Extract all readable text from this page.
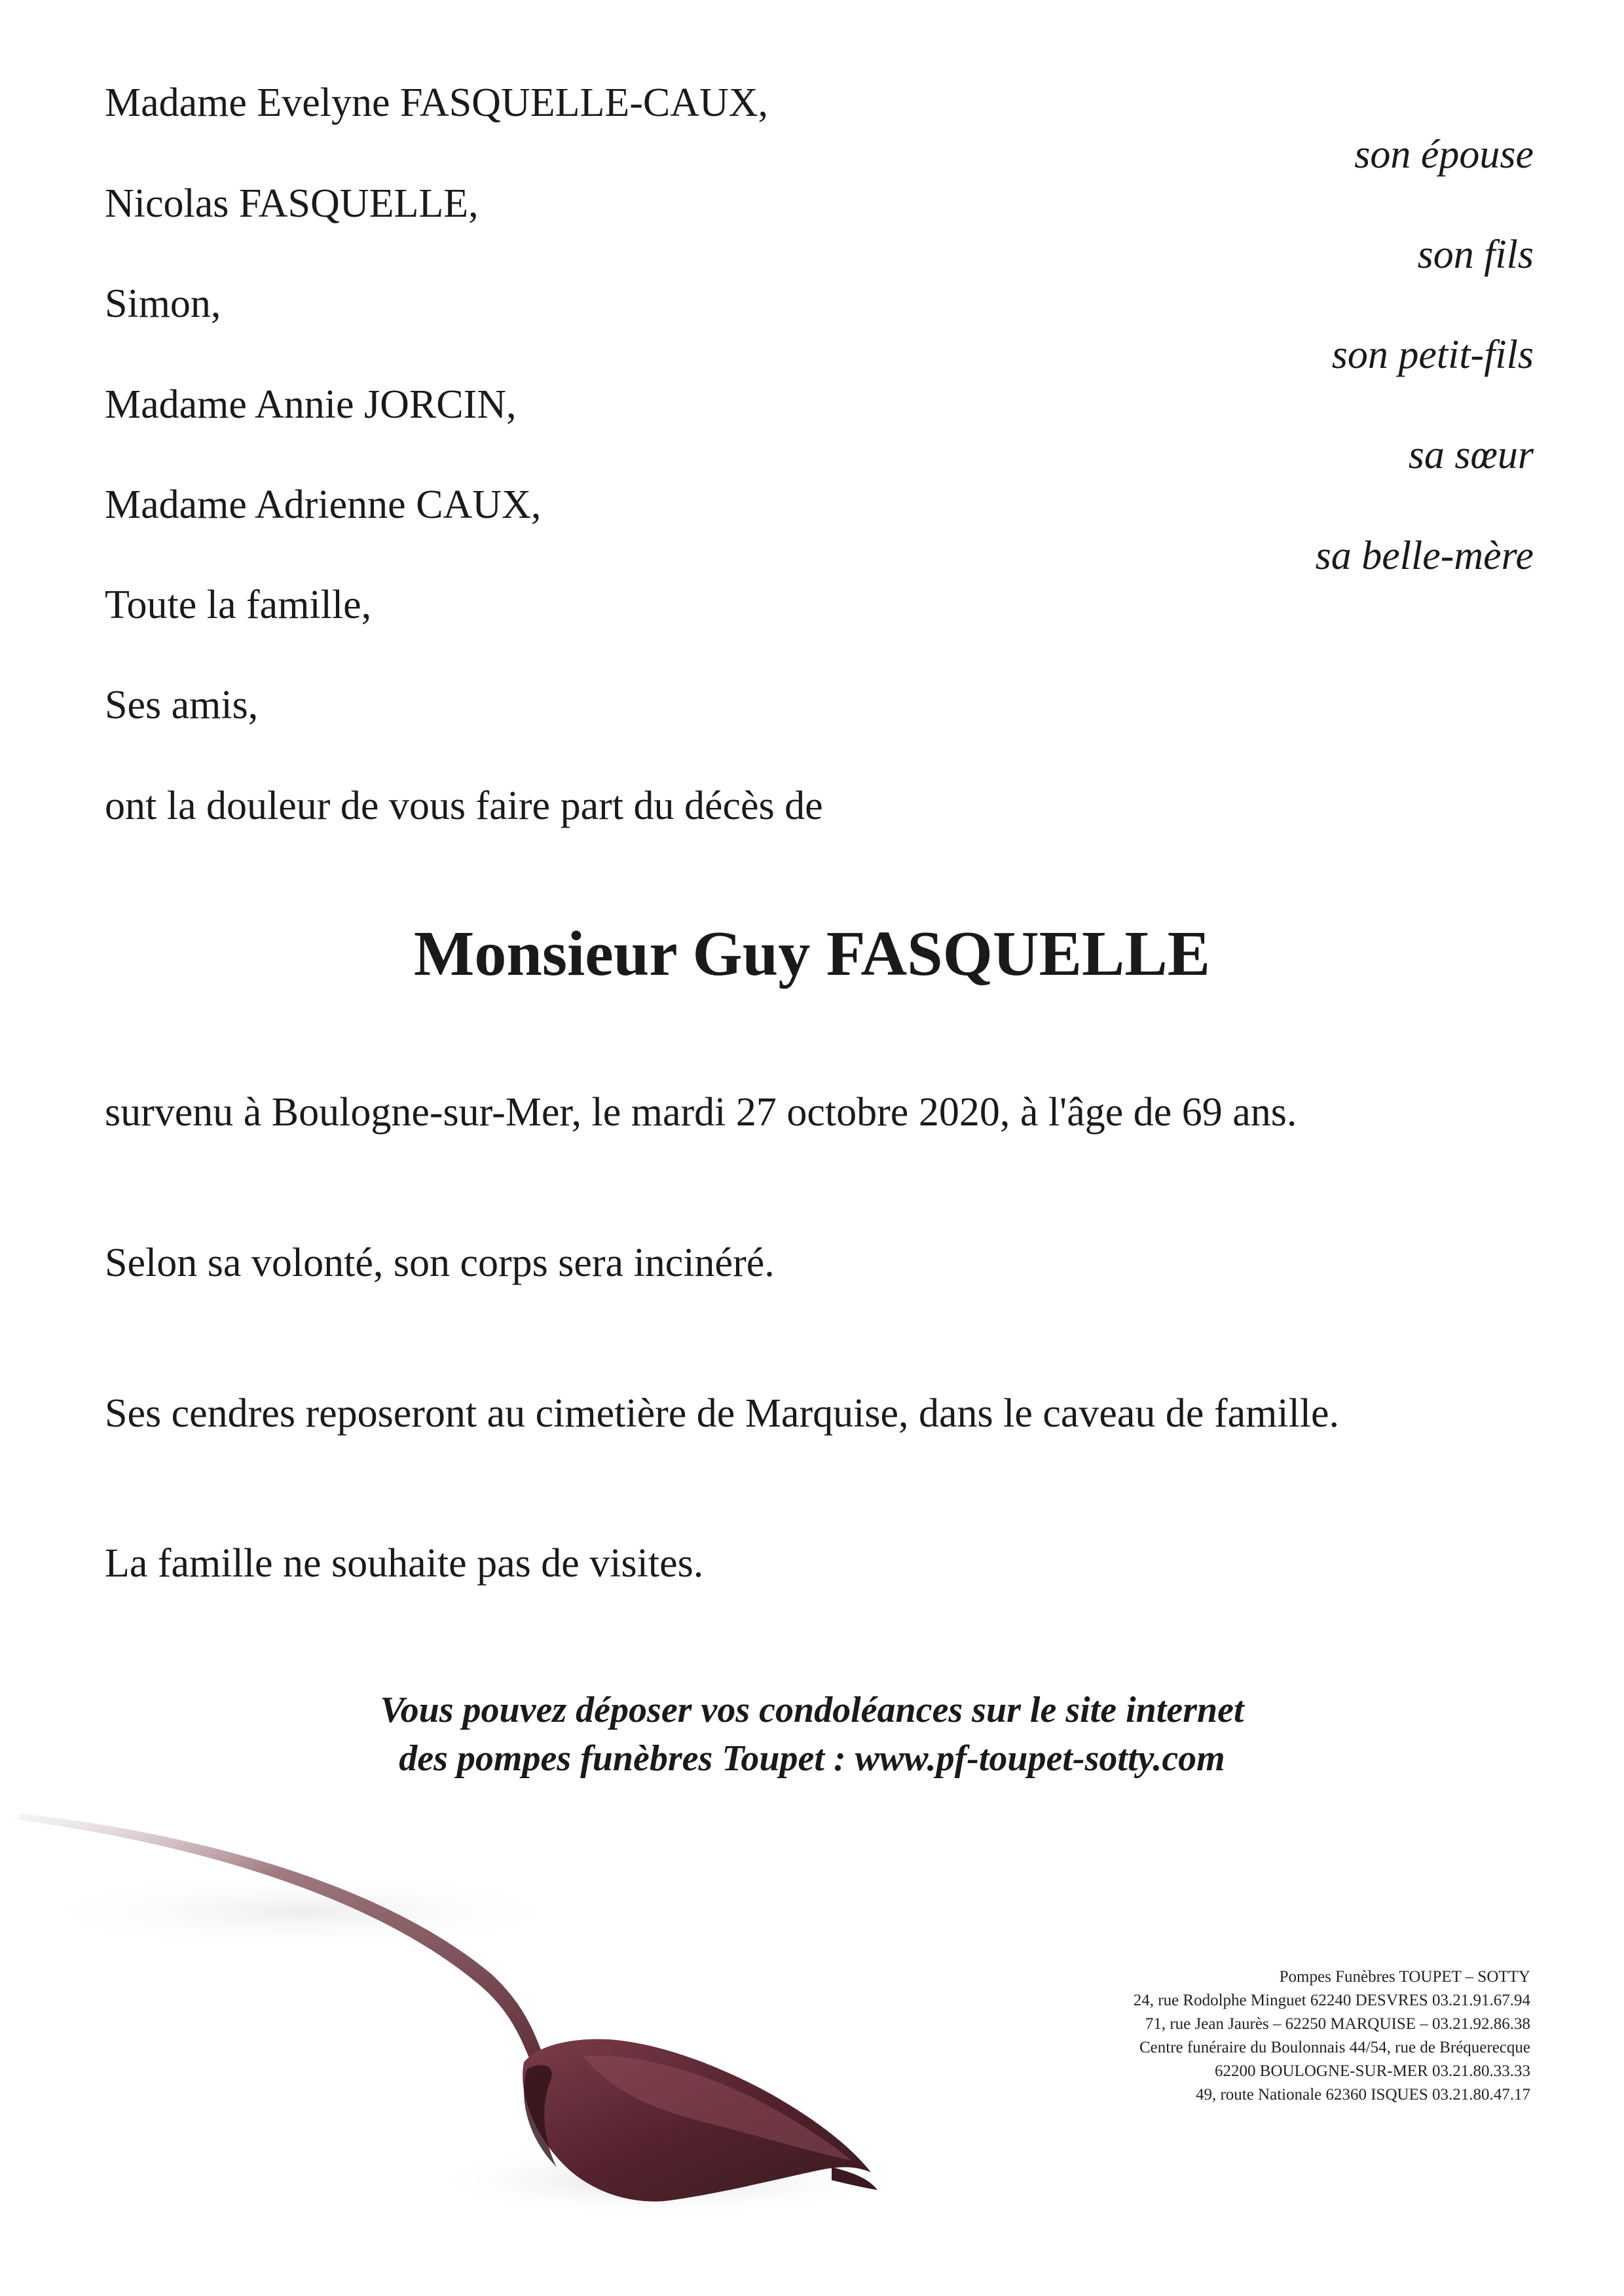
Madame Evelyne FASQUELLE-CAUX,
son épouse
Nicolas FASQUELLE,
son fils
Simon,
son petit-fils
Madame Annie JORCIN,
sa sœur
Madame Adrienne CAUX,
sa belle-mère
Toute la famille,
Ses amis,
ont la douleur de vous faire part du décès de
Monsieur Guy FASQUELLE
survenu à Boulogne-sur-Mer, le mardi 27 octobre 2020, à l'âge de 69 ans.
Selon sa volonté, son corps sera incinéré.
Ses cendres reposeront au cimetière de Marquise, dans le caveau de famille.
La famille ne souhaite pas de visites.
Vous pouvez déposer vos condoléances sur le site internet
des pompes funèbres Toupet : www.pf-toupet-sotty.com
Pompes Funèbres TOUPET – SOTTY
24, rue Rodolphe Minguet 62240 DESVRES 03.21.91.67.94
71, rue Jean Jaurès – 62250 MARQUISE – 03.21.92.86.38
Centre funéraire du Boulonnais 44/54, rue de Bréquerecque
62200 BOULOGNE-SUR-MER 03.21.80.33.33
49, route Nationale 62360 ISQUES 03.21.80.47.17
